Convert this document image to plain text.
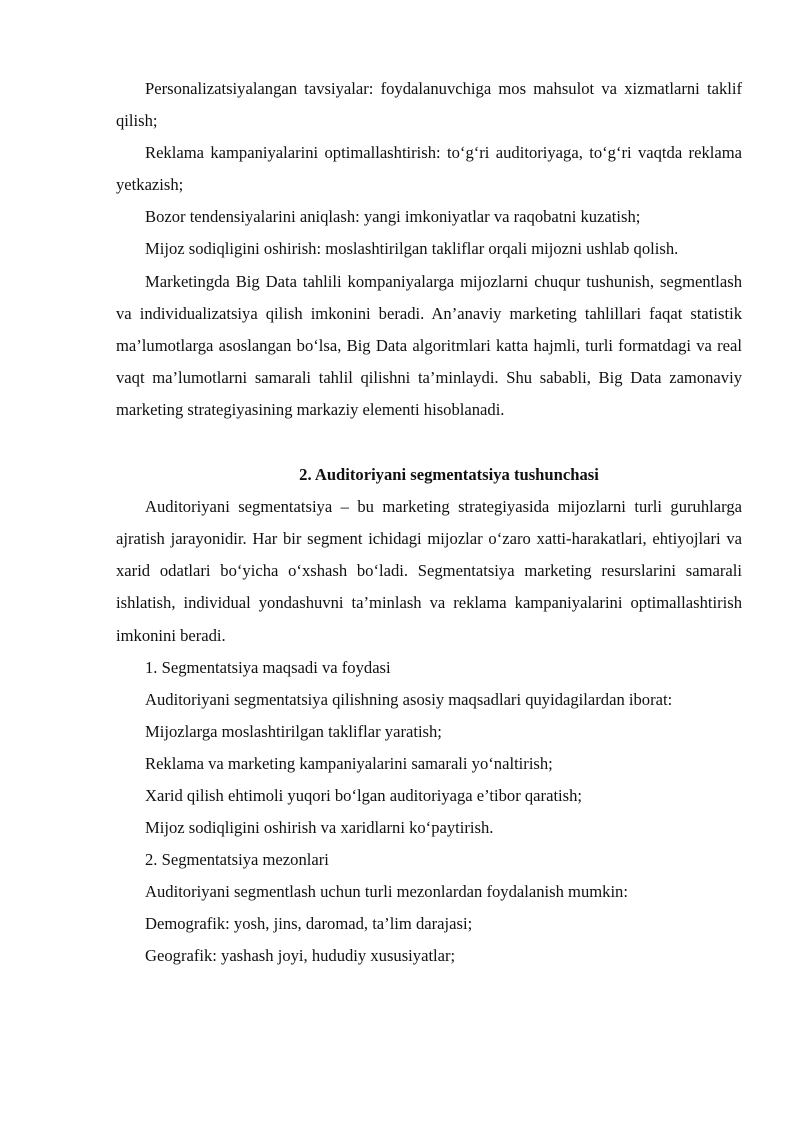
Personalizatsiyalangan tavsiyalar: foydalanuvchiga mos mahsulot va xizmatlarni taklif qilish;

Reklama kampaniyalarini optimallashtirish: to‘g‘ri auditoriyaga, to‘g‘ri vaqtda reklama yetkazish;

Bozor tendensiyalarini aniqlash: yangi imkoniyatlar va raqobatni kuzatish;

Mijoz sodiqligini oshirish: moslashtirilgan takliflar orqali mijozni ushlab qolish.

Marketingda Big Data tahlili kompaniyalarga mijozlarni chuqur tushunish, segmentlash va individualizatsiya qilish imkonini beradi. An’anaviy marketing tahlillari faqat statistik ma’lumotlarga asoslangan bo‘lsa, Big Data algoritmlari katta hajmli, turli formatdagi va real vaqt ma’lumotlarni samarali tahlil qilishni ta’minlaydi. Shu sababli, Big Data zamonaviy marketing strategiyasining markaziy elementi hisoblanadi.

2. Auditoriyani segmentatsiya tushunchasi

Auditoriyani segmentatsiya – bu marketing strategiyasida mijozlarni turli guruhlarga ajratish jarayonidir. Har bir segment ichidagi mijozlar o‘zaro xatti-harakatlari, ehtiyojlari va xarid odatlari bo‘yicha o‘xshash bo‘ladi. Segmentatsiya marketing resurslarini samarali ishlatish, individual yondashuvni ta’minlash va reklama kampaniyalarini optimallashtirish imkonini beradi.

1. Segmentatsiya maqsadi va foydasi

Auditoriyani segmentatsiya qilishning asosiy maqsadlari quyidagilardan iborat:

Mijozlarga moslashtirilgan takliflar yaratish;

Reklama va marketing kampaniyalarini samarali yo‘naltirish;

Xarid qilish ehtimoli yuqori bo‘lgan auditoriyaga e’tibor qaratish;

Mijoz sodiqligini oshirish va xaridlarni ko‘paytirish.

2. Segmentatsiya mezonlari

Auditoriyani segmentlash uchun turli mezonlardan foydalanish mumkin:

Demografik: yosh, jins, daromad, ta’lim darajasi;

Geografik: yashash joyi, hududiy xususiyatlar;
